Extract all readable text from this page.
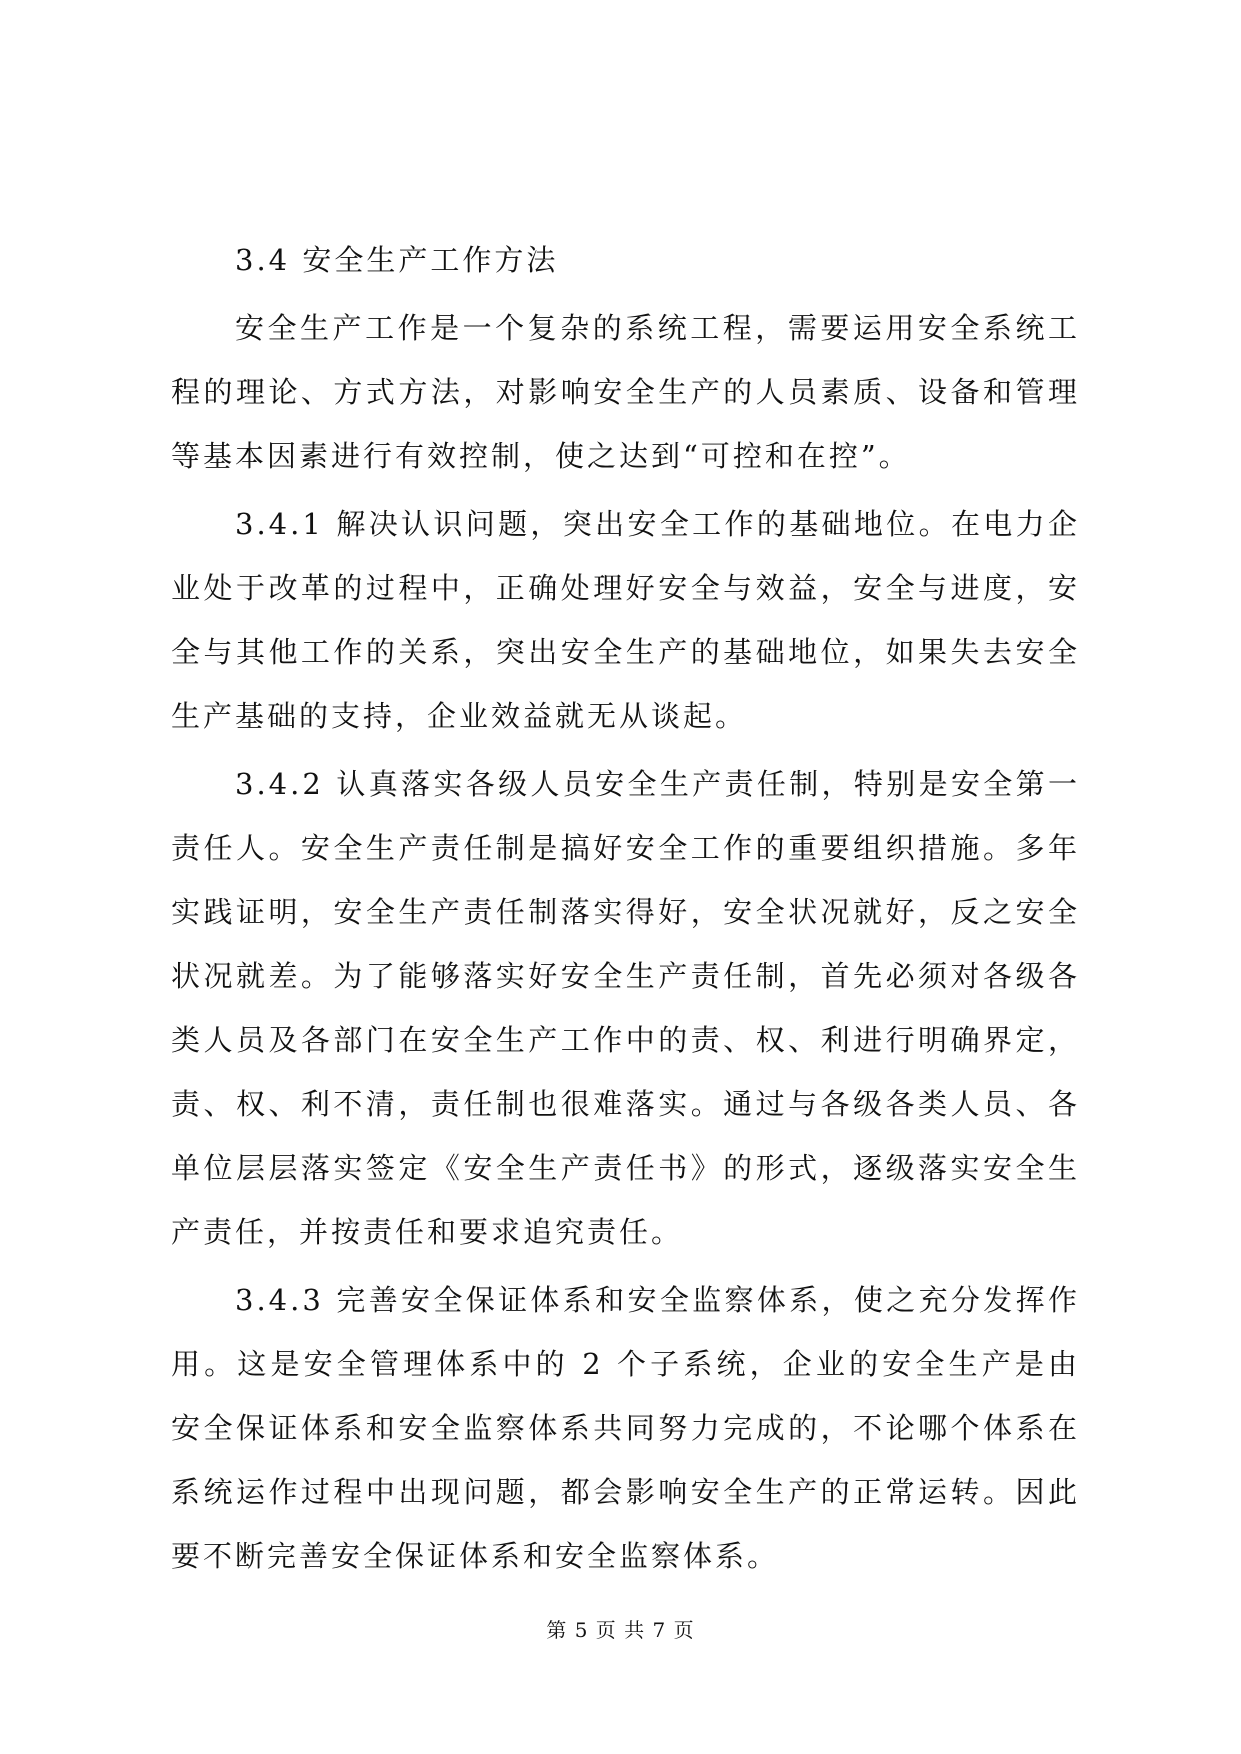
3.4 安全生产工作方法

安全生产工作是一个复杂的系统工程，需要运用安全系统工程的理论、方式方法，对影响安全生产的人员素质、设备和管理等基本因素进行有效控制，使之达到“可控和在控”。

3.4.1 解决认识问题，突出安全工作的基础地位。在电力企业处于改革的过程中，正确处理好安全与效益，安全与进度，安全与其他工作的关系，突出安全生产的基础地位，如果失去安全生产基础的支持，企业效益就无从谈起。

3.4.2 认真落实各级人员安全生产责任制，特别是安全第一责任人。安全生产责任制是搞好安全工作的重要组织措施。多年实践证明，安全生产责任制落实得好，安全状况就好，反之安全状况就差。为了能够落实好安全生产责任制，首先必须对各级各类人员及各部门在安全生产工作中的责、权、利进行明确界定，责、权、利不清，责任制也很难落实。通过与各级各类人员、各单位层层落实签定《安全生产责任书》的形式，逐级落实安全生产责任，并按责任和要求追究责任。

3.4.3 完善安全保证体系和安全监察体系，使之充分发挥作用。这是安全管理体系中的 2 个子系统，企业的安全生产是由安全保证体系和安全监察体系共同努力完成的，不论哪个体系在系统运作过程中出现问题，都会影响安全生产的正常运转。因此要不断完善安全保证体系和安全监察体系。

第 5 页 共 7 页
